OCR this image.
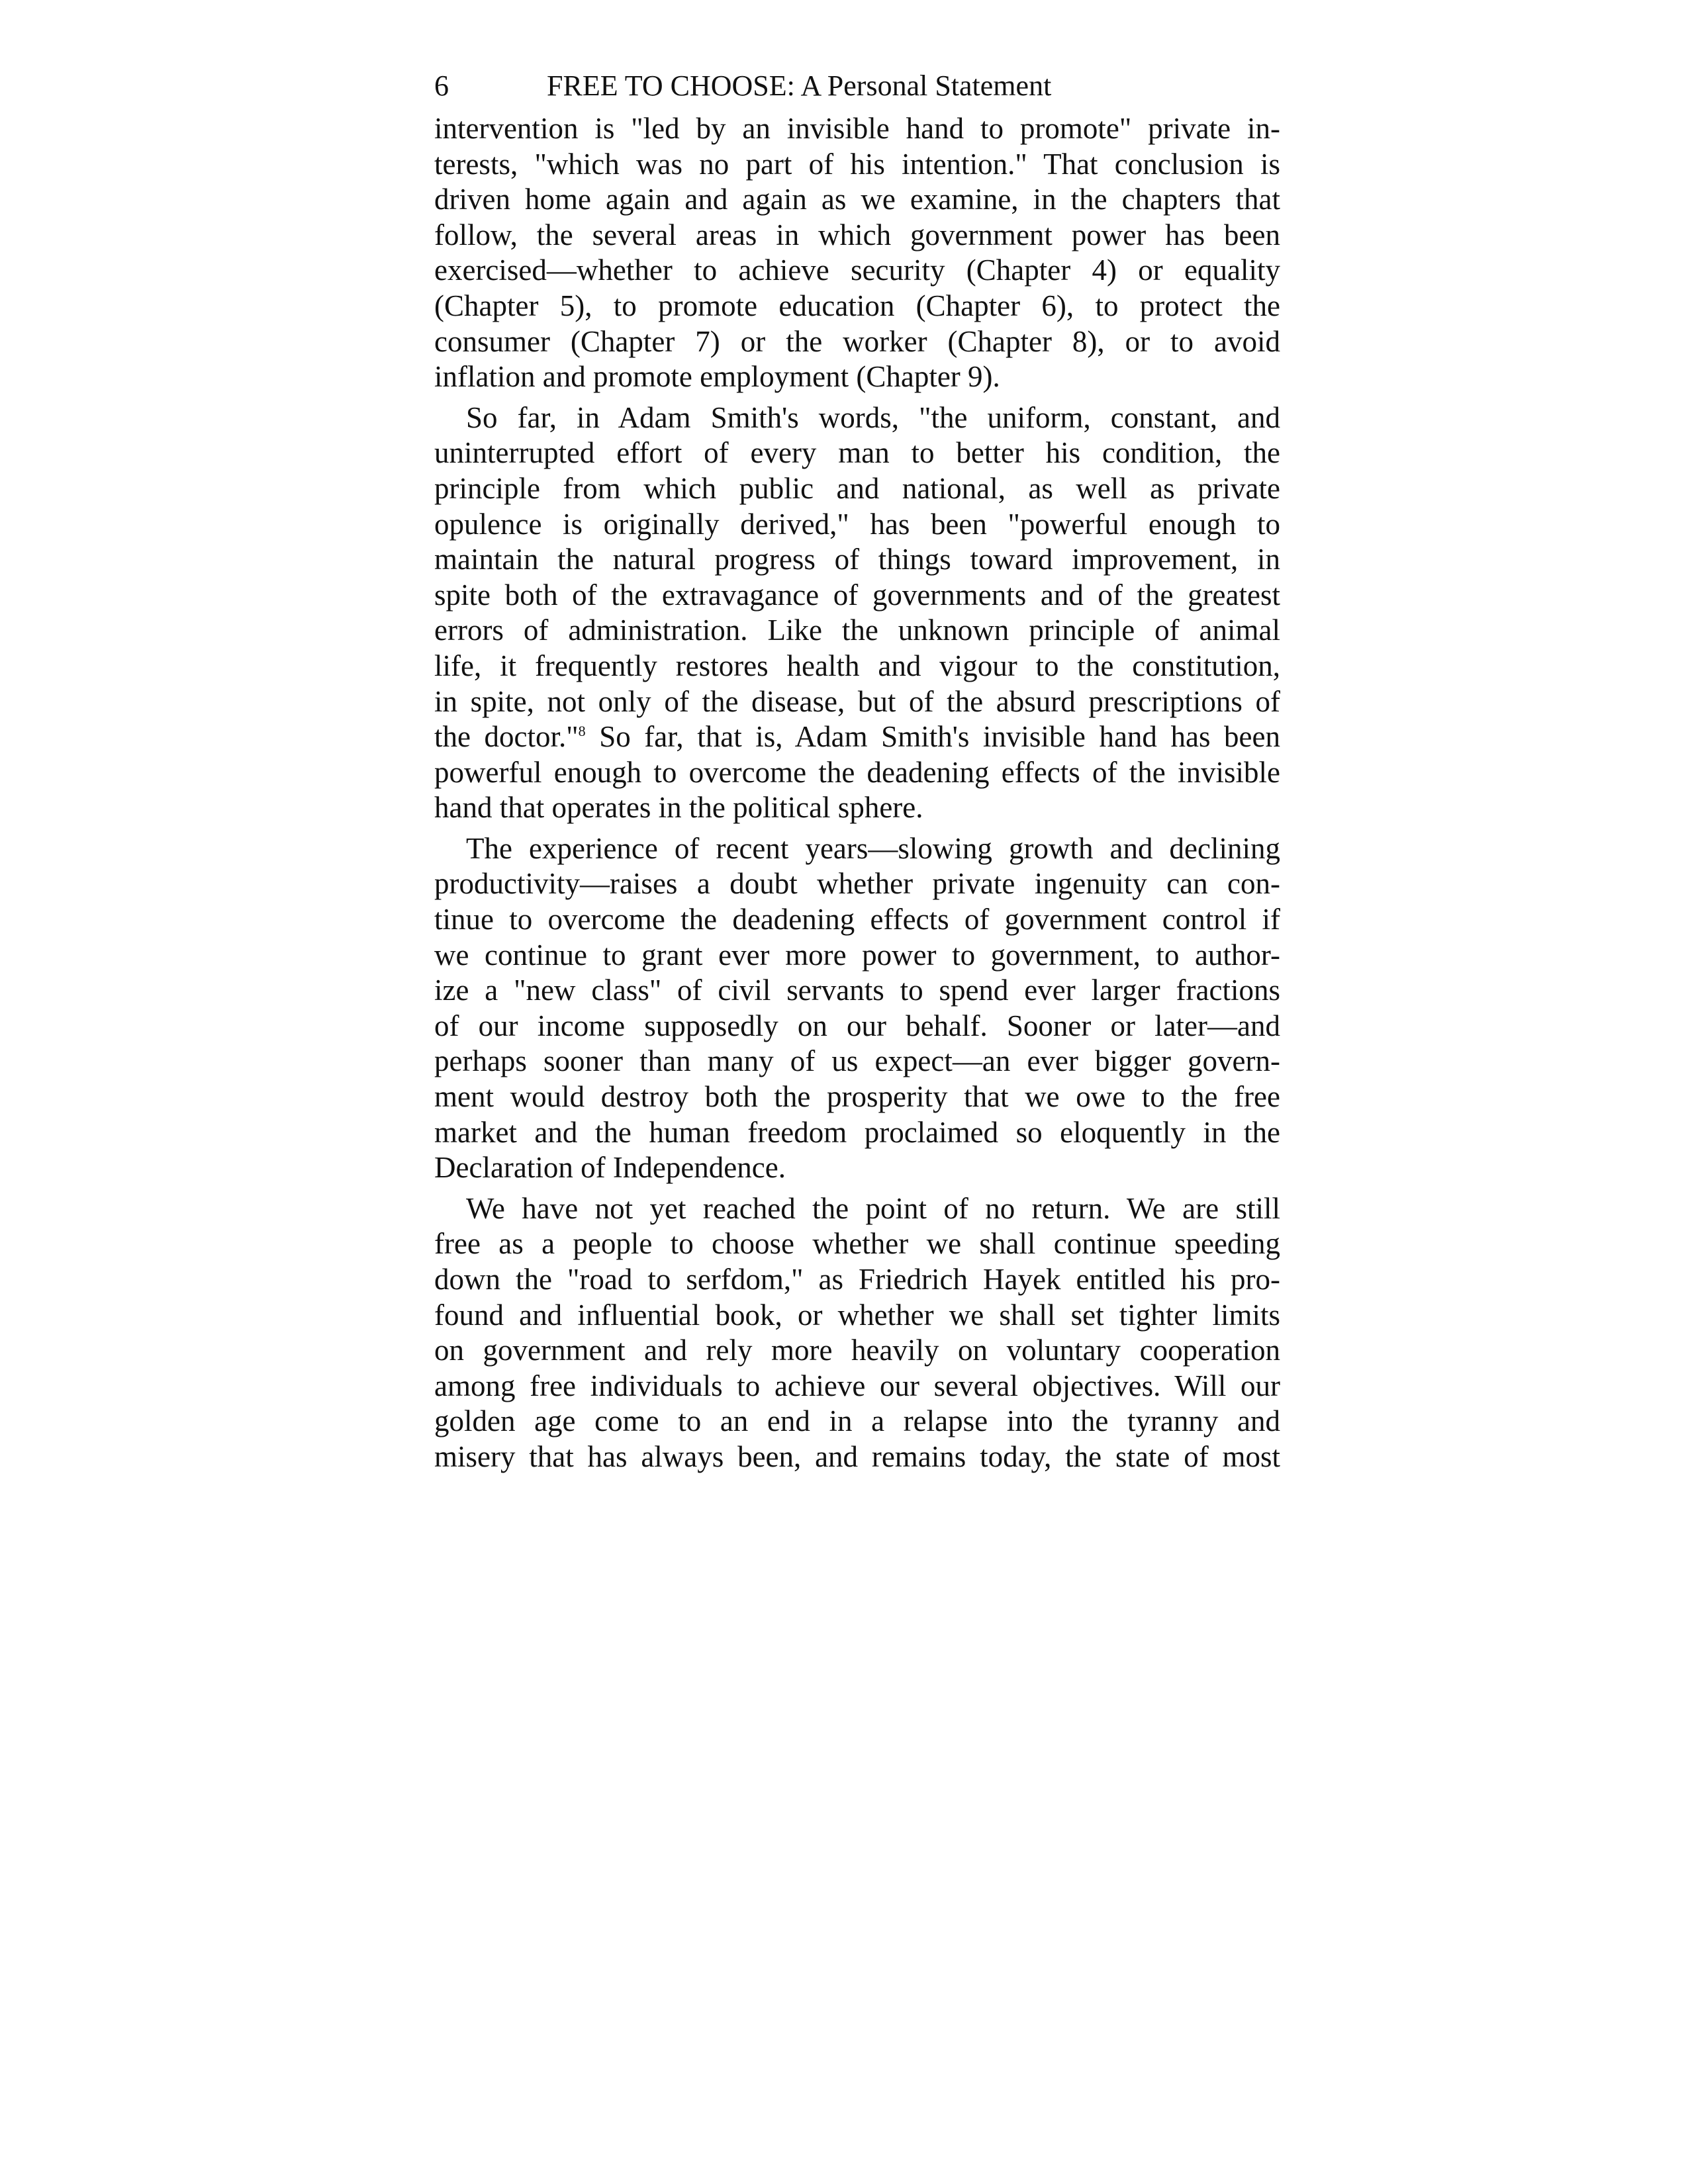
6	FREE TO CHOOSE: A Personal Statement
intervention is "led by an invisible hand to promote" private in-
terests, "which was no part of his intention." That conclusion is
driven home again and again as we examine, in the chapters that
follow, the several areas in which government power has been
exercised—whether to achieve security (Chapter 4) or equality
(Chapter 5), to promote education (Chapter 6), to protect the
consumer (Chapter 7) or the worker (Chapter 8), or to avoid
inflation and promote employment (Chapter 9).
So far, in Adam Smith's words, "the uniform, constant, and
uninterrupted effort of every man to better his condition, the
principle from which public and national, as well as private
opulence is originally derived," has been "powerful enough to
maintain the natural progress of things toward improvement, in
spite both of the extravagance of governments and of the greatest
errors of administration. Like the unknown principle of animal
life, it frequently restores health and vigour to the constitution,
in spite, not only of the disease, but of the absurd prescriptions of
the doctor."$^8$ So far, that is, Adam Smith's invisible hand has been
powerful enough to overcome the deadening effects of the invisible
hand that operates in the political sphere.
The experience of recent years—slowing growth and declining
productivity—raises a doubt whether private ingenuity can con-
tinue to overcome the deadening effects of government control if
we continue to grant ever more power to government, to author-
ize a "new class" of civil servants to spend ever larger fractions
of our income supposedly on our behalf. Sooner or later—and
perhaps sooner than many of us expect—an ever bigger govern-
ment would destroy both the prosperity that we owe to the free
market and the human freedom proclaimed so eloquently in the
Declaration of Independence.
We have not yet reached the point of no return. We are still
free as a people to choose whether we shall continue speeding
down the "road to serfdom," as Friedrich Hayek entitled his pro-
found and influential book, or whether we shall set tighter limits
on government and rely more heavily on voluntary cooperation
among free individuals to achieve our several objectives. Will our
golden age come to an end in a relapse into the tyranny and
misery that has always been, and remains today, the state of most
